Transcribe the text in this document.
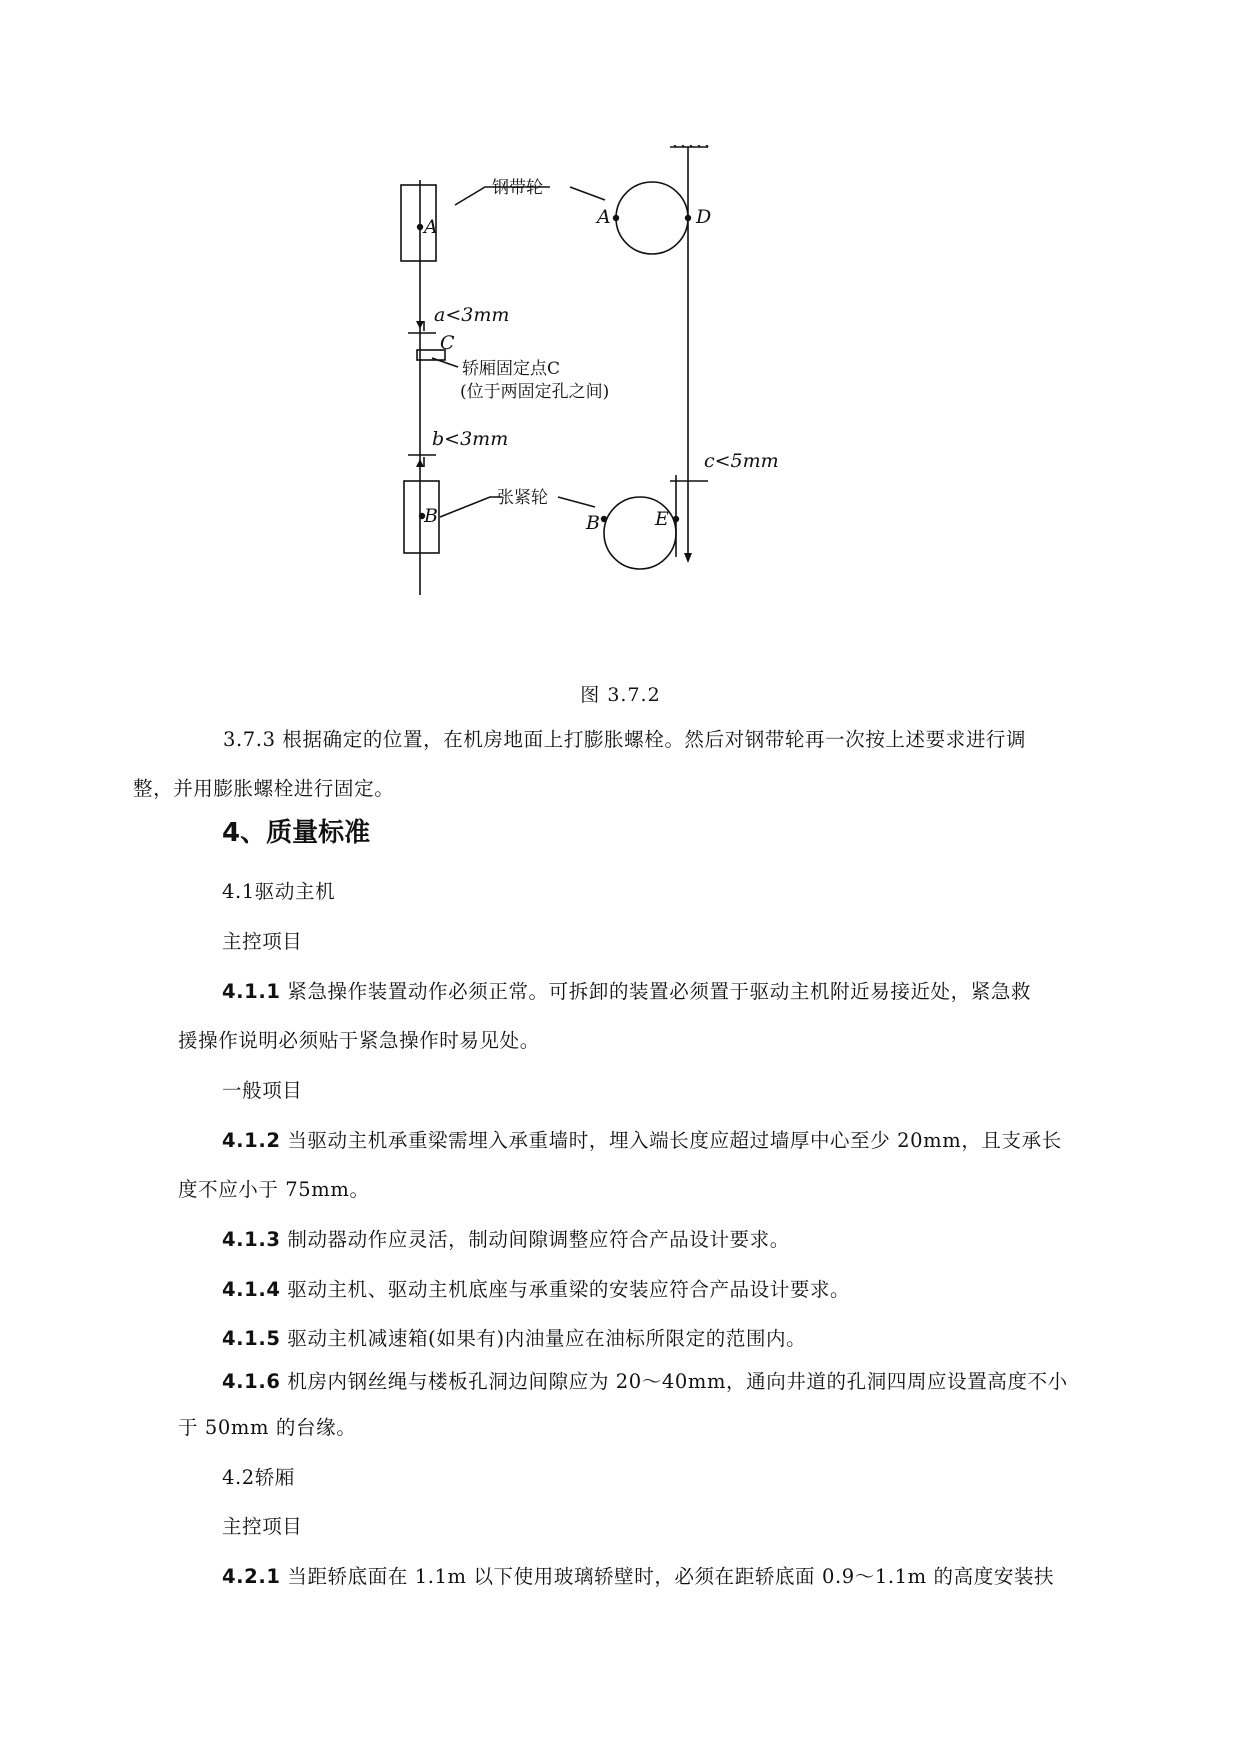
钢带轮
张紧轮
轿厢固定点C
(位于两固定孔之间)
a<3mm
b<3mm
c<5mm
A
C
B
A	D
B	E
图 3.7.2
3.7.3 根据确定的位置，在机房地面上打膨胀螺栓。然后对钢带轮再一次按上述要求进行调
整，并用膨胀螺栓进行固定。
4、质量标准
4.1驱动主机
主控项目
4.1.1 紧急操作装置动作必须正常。可拆卸的装置必须置于驱动主机附近易接近处，紧急救
援操作说明必须贴于紧急操作时易见处。
一般项目
4.1.2 当驱动主机承重梁需埋入承重墙时，埋入端长度应超过墙厚中心至少 20mm，且支承长
度不应小于 75mm。
4.1.3 制动器动作应灵活，制动间隙调整应符合产品设计要求。
4.1.4 驱动主机、驱动主机底座与承重梁的安装应符合产品设计要求。
4.1.5 驱动主机减速箱(如果有)内油量应在油标所限定的范围内。
4.1.6 机房内钢丝绳与楼板孔洞边间隙应为 20～40mm，通向井道的孔洞四周应设置高度不小
于 50mm 的台缘。
4.2轿厢
主控项目
4.2.1 当距轿底面在 1.1m 以下使用玻璃轿壁时，必须在距轿底面 0.9～1.1m 的高度安装扶
